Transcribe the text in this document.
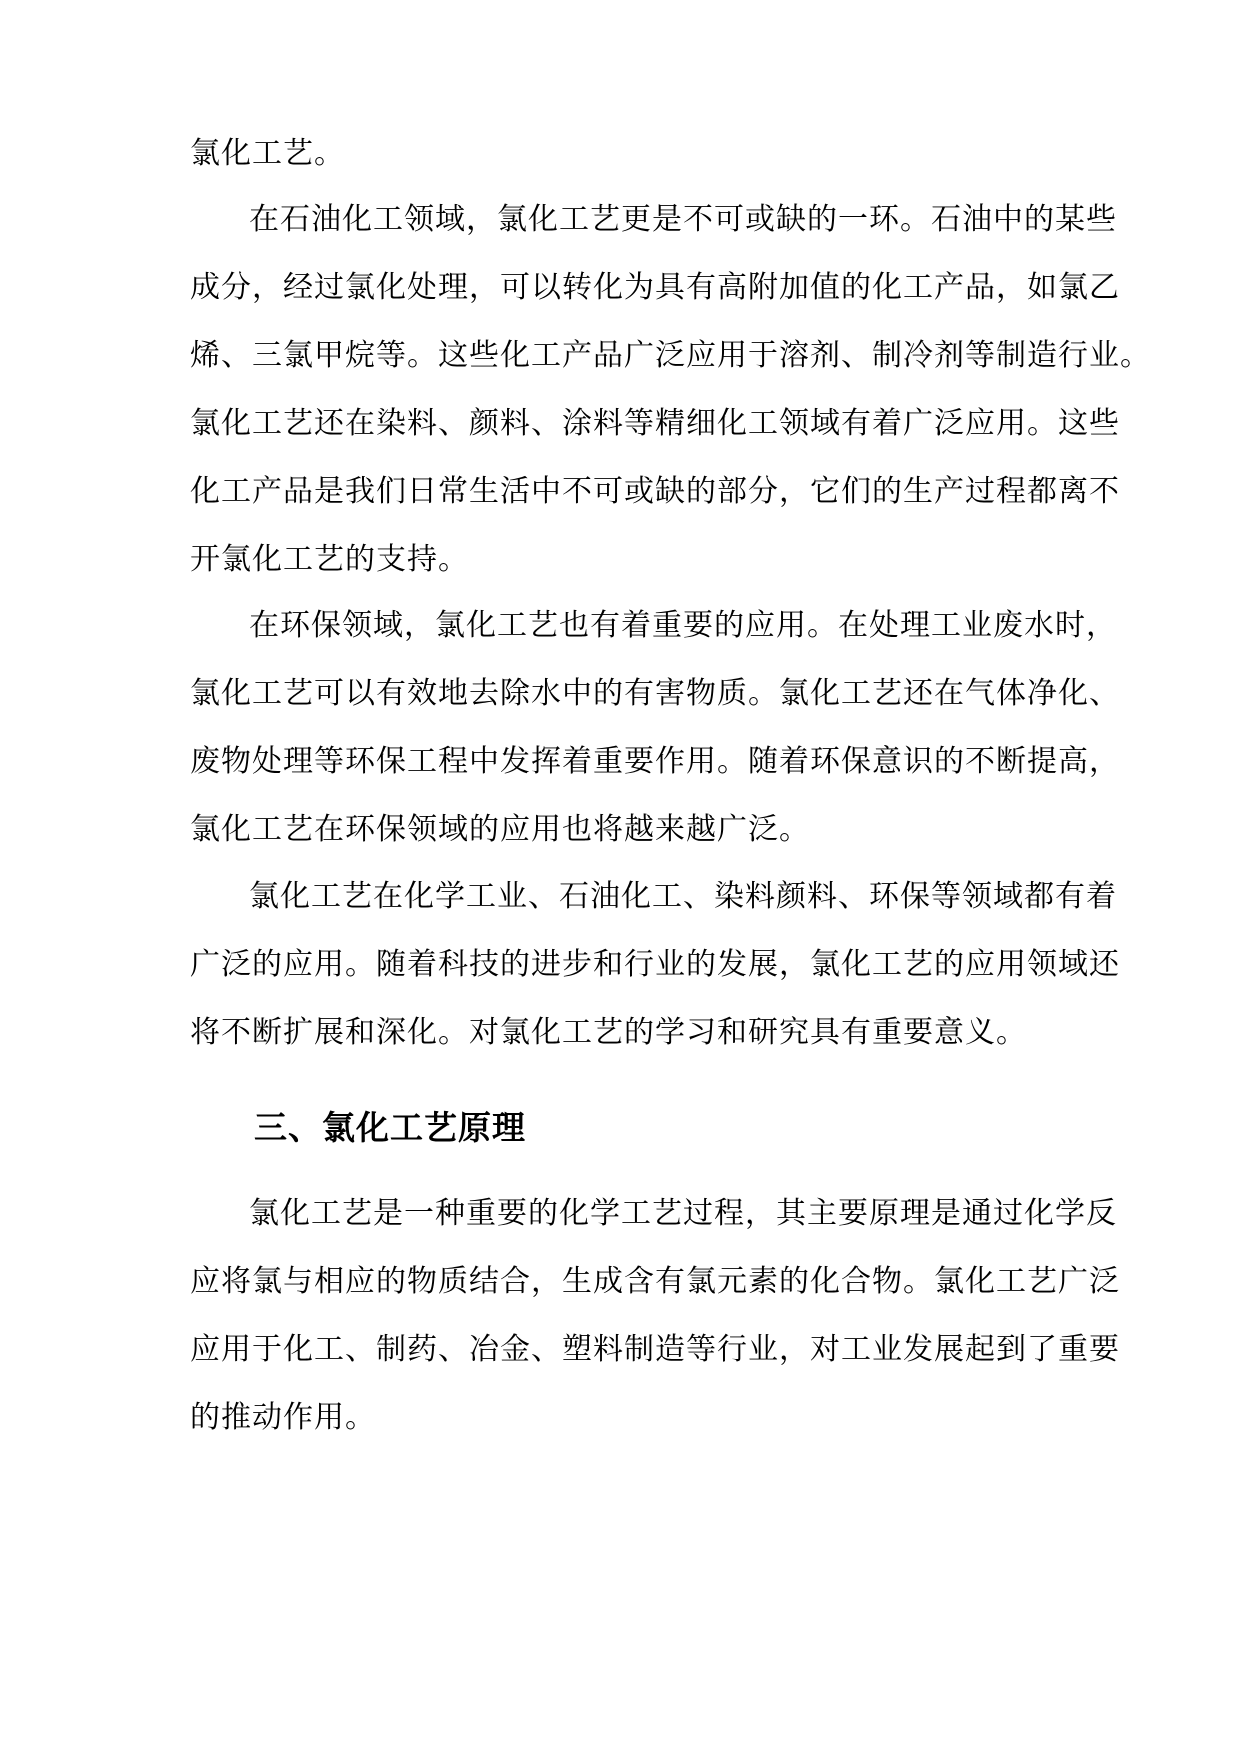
氯化工艺。
在石油化工领域，氯化工艺更是不可或缺的一环。石油中的某些
成分，经过氯化处理，可以转化为具有高附加值的化工产品，如氯乙
烯、三氯甲烷等。这些化工产品广泛应用于溶剂、制冷剂等制造行业。
氯化工艺还在染料、颜料、涂料等精细化工领域有着广泛应用。这些
化工产品是我们日常生活中不可或缺的部分，它们的生产过程都离不
开氯化工艺的支持。
在环保领域，氯化工艺也有着重要的应用。在处理工业废水时，
氯化工艺可以有效地去除水中的有害物质。氯化工艺还在气体净化、
废物处理等环保工程中发挥着重要作用。随着环保意识的不断提高，
氯化工艺在环保领域的应用也将越来越广泛。
氯化工艺在化学工业、石油化工、染料颜料、环保等领域都有着
广泛的应用。随着科技的进步和行业的发展，氯化工艺的应用领域还
将不断扩展和深化。对氯化工艺的学习和研究具有重要意义。
三、氯化工艺原理
氯化工艺是一种重要的化学工艺过程，其主要原理是通过化学反
应将氯与相应的物质结合，生成含有氯元素的化合物。氯化工艺广泛
应用于化工、制药、冶金、塑料制造等行业，对工业发展起到了重要
的推动作用。
